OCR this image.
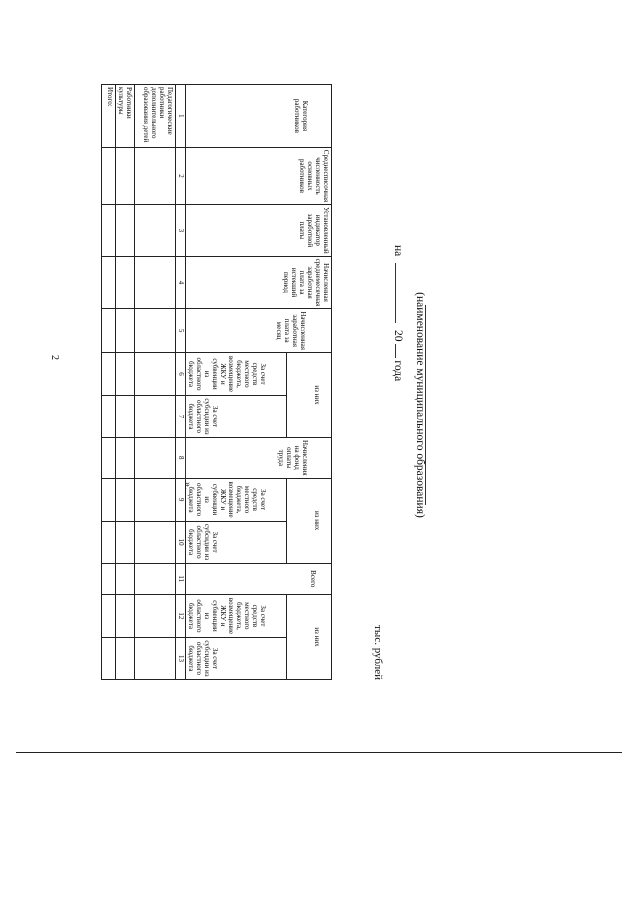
2	(наименование муниципального образования)
на  20 года
тыс. рублей
Категория работников	Среднесписочная численность основных работников	Установленный индикатор заработной платы	Начисленная среднемесячная заработная плата за истекший период	Начисленная заработная плата за месяц	из них		Начисления на фонд оплаты труда	из них		Всего	из них	
					За счет средств местного бюджета, возмещение ЖКУ и субвенции из областного бюджета	За счет субсидии из областного бюджета		За счет средств местного бюджета, возмещение ЖКУ и субвенции из областного бюджета	За счет субсидии из областного бюджета		За счет средств местного бюджета, возмещение ЖКУ и субвенции из областного бюджета	За счет субсидии из областного бюджета
1	2	3	4	5	6	7	8	9	10	11	12	13
Педагогические работники дополнительного образования детей												
Работники культуры												
Итого:												
».
